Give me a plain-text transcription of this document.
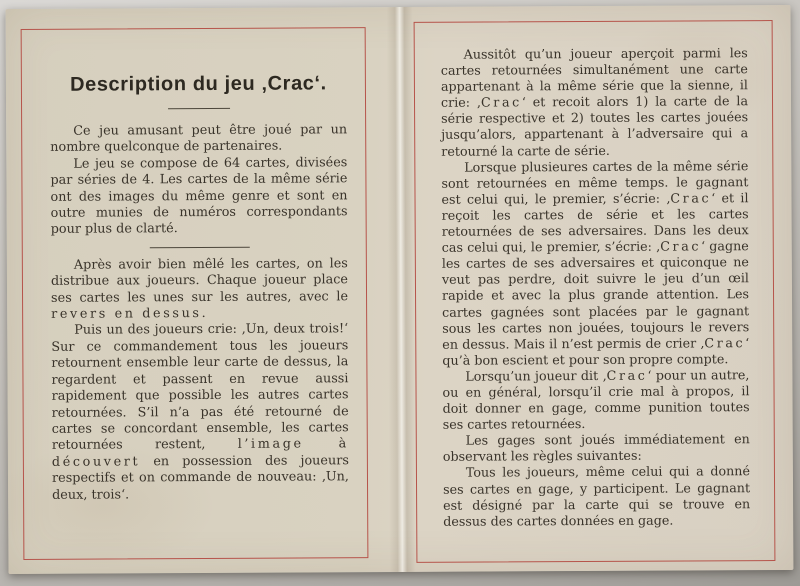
Description du jeu ‚Crac‘.

Ce jeu amusant peut être joué par un nombre quelconque de partenaires.

Le jeu se compose de 64 cartes, divisées par séries de 4. Les cartes de la même série ont des images du même genre et sont en outre munies de numéros correspondants pour plus de clarté.

Après avoir bien mêlé les cartes, on les distribue aux joueurs. Chaque joueur place ses cartes les unes sur les autres, avec le revers en dessus.

Puis un des joueurs crie: ‚Un, deux trois!‘ Sur ce commandement tous les joueurs retournent ensemble leur carte de dessus, la regardent et passent en revue aussi rapidement que possible les autres cartes retournées. S’il n’a pas été retourné de cartes se concordant ensemble, les cartes retournées restent, l’image à découvert en possession des joueurs respectifs et on commande de nouveau: ‚Un, deux, trois‘.

Aussitôt qu’un joueur aperçoit parmi les cartes retournées simultanément une carte appartenant à la même série que la sienne, il crie: ‚Crac‘ et recoit alors 1) la carte de la série respective et 2) toutes les cartes jouées jusqu’alors, appartenant à l’adversaire qui a retourné la carte de série.

Lorsque plusieures cartes de la même série sont retournées en même temps. le gagnant est celui qui, le premier, s’écrie: ‚Crac‘ et il reçoit les cartes de série et les cartes retournées de ses adversaires. Dans les deux cas celui qui, le premier, s’écrie: ‚Crac‘ gagne les cartes de ses adversaires et quiconque ne veut pas perdre, doit suivre le jeu d’un œil rapide et avec la plus grande attention. Les cartes gagnées sont placées par le gagnant sous les cartes non jouées, toujours le revers en dessus. Mais il n’est permis de crier ‚Crac‘ qu’à bon escient et pour son propre compte.

Lorsqu’un joueur dit ‚Crac‘ pour un autre, ou en général, lorsqu’il crie mal à propos, il doit donner en gage, comme punition toutes ses cartes retournées.

Les gages sont joués immédiatement en observant les règles suivantes:

Tous les joueurs, même celui qui a donné ses cartes en gage, y participent. Le gagnant est désigné par la carte qui se trouve en dessus des cartes données en gage.
